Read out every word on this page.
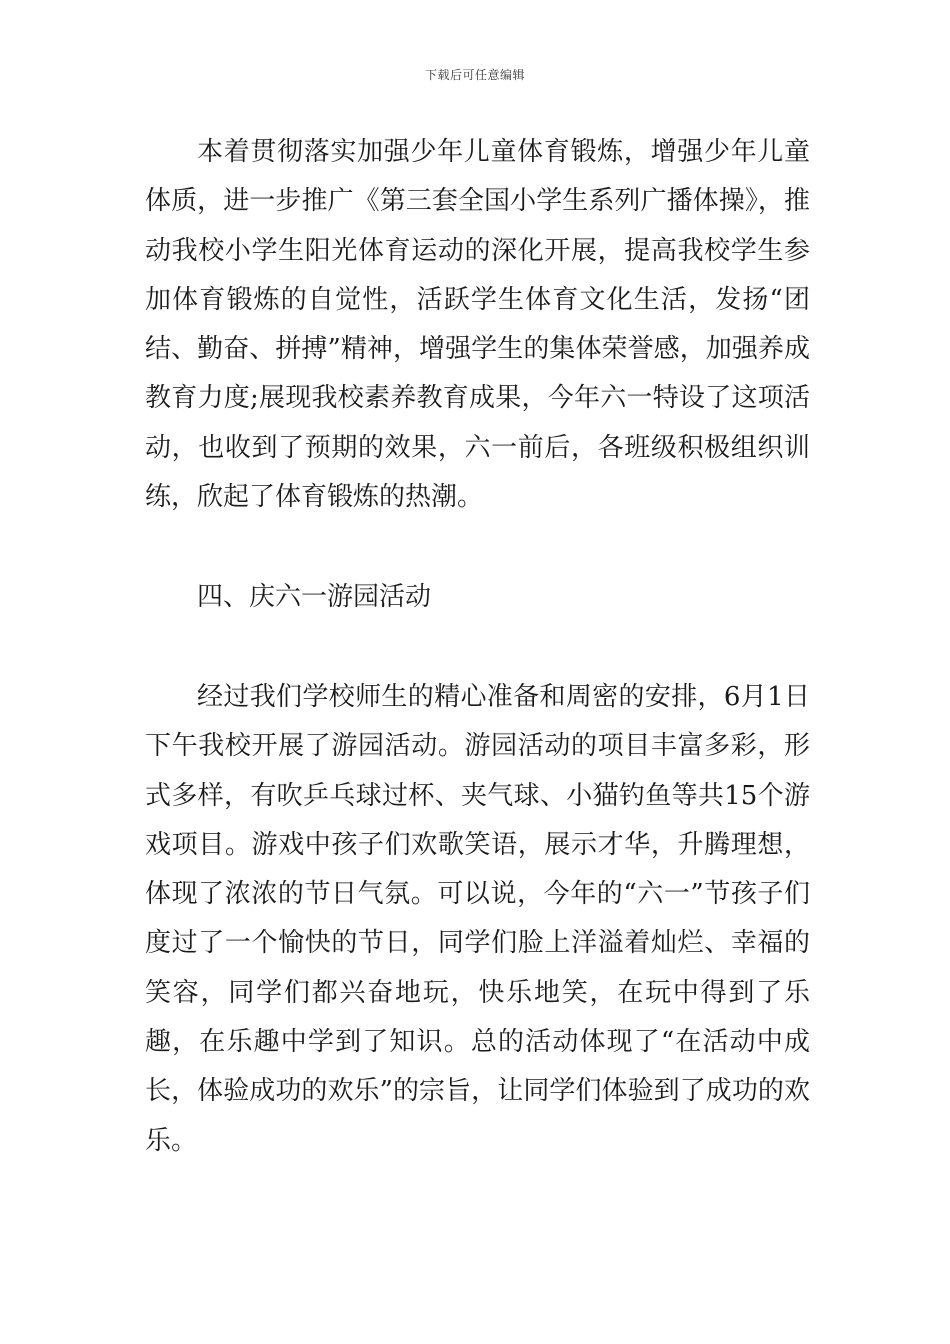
下载后可任意编辑

本着贯彻落实加强少年儿童体育锻炼，增强少年儿童体质，进一步推广《第三套全国小学生系列广播体操》，推动我校小学生阳光体育运动的深化开展，提高我校学生参加体育锻炼的自觉性，活跃学生体育文化生活，发扬“团结、勤奋、拼搏”精神，增强学生的集体荣誉感，加强养成教育力度;展现我校素养教育成果，今年六一特设了这项活动，也收到了预期的效果，六一前后，各班级积极组织训练，欣起了体育锻炼的热潮。

四、庆六一游园活动

经过我们学校师生的精心准备和周密的安排，6月1日下午我校开展了游园活动。游园活动的项目丰富多彩，形式多样，有吹乒乓球过杯、夹气球、小猫钓鱼等共15个游戏项目。游戏中孩子们欢歌笑语，展示才华，升腾理想，体现了浓浓的节日气氛。可以说，今年的“六一”节孩子们度过了一个愉快的节日，同学们脸上洋溢着灿烂、幸福的笑容，同学们都兴奋地玩，快乐地笑，在玩中得到了乐趣，在乐趣中学到了知识。总的活动体现了“在活动中成长，体验成功的欢乐”的宗旨，让同学们体验到了成功的欢乐。
